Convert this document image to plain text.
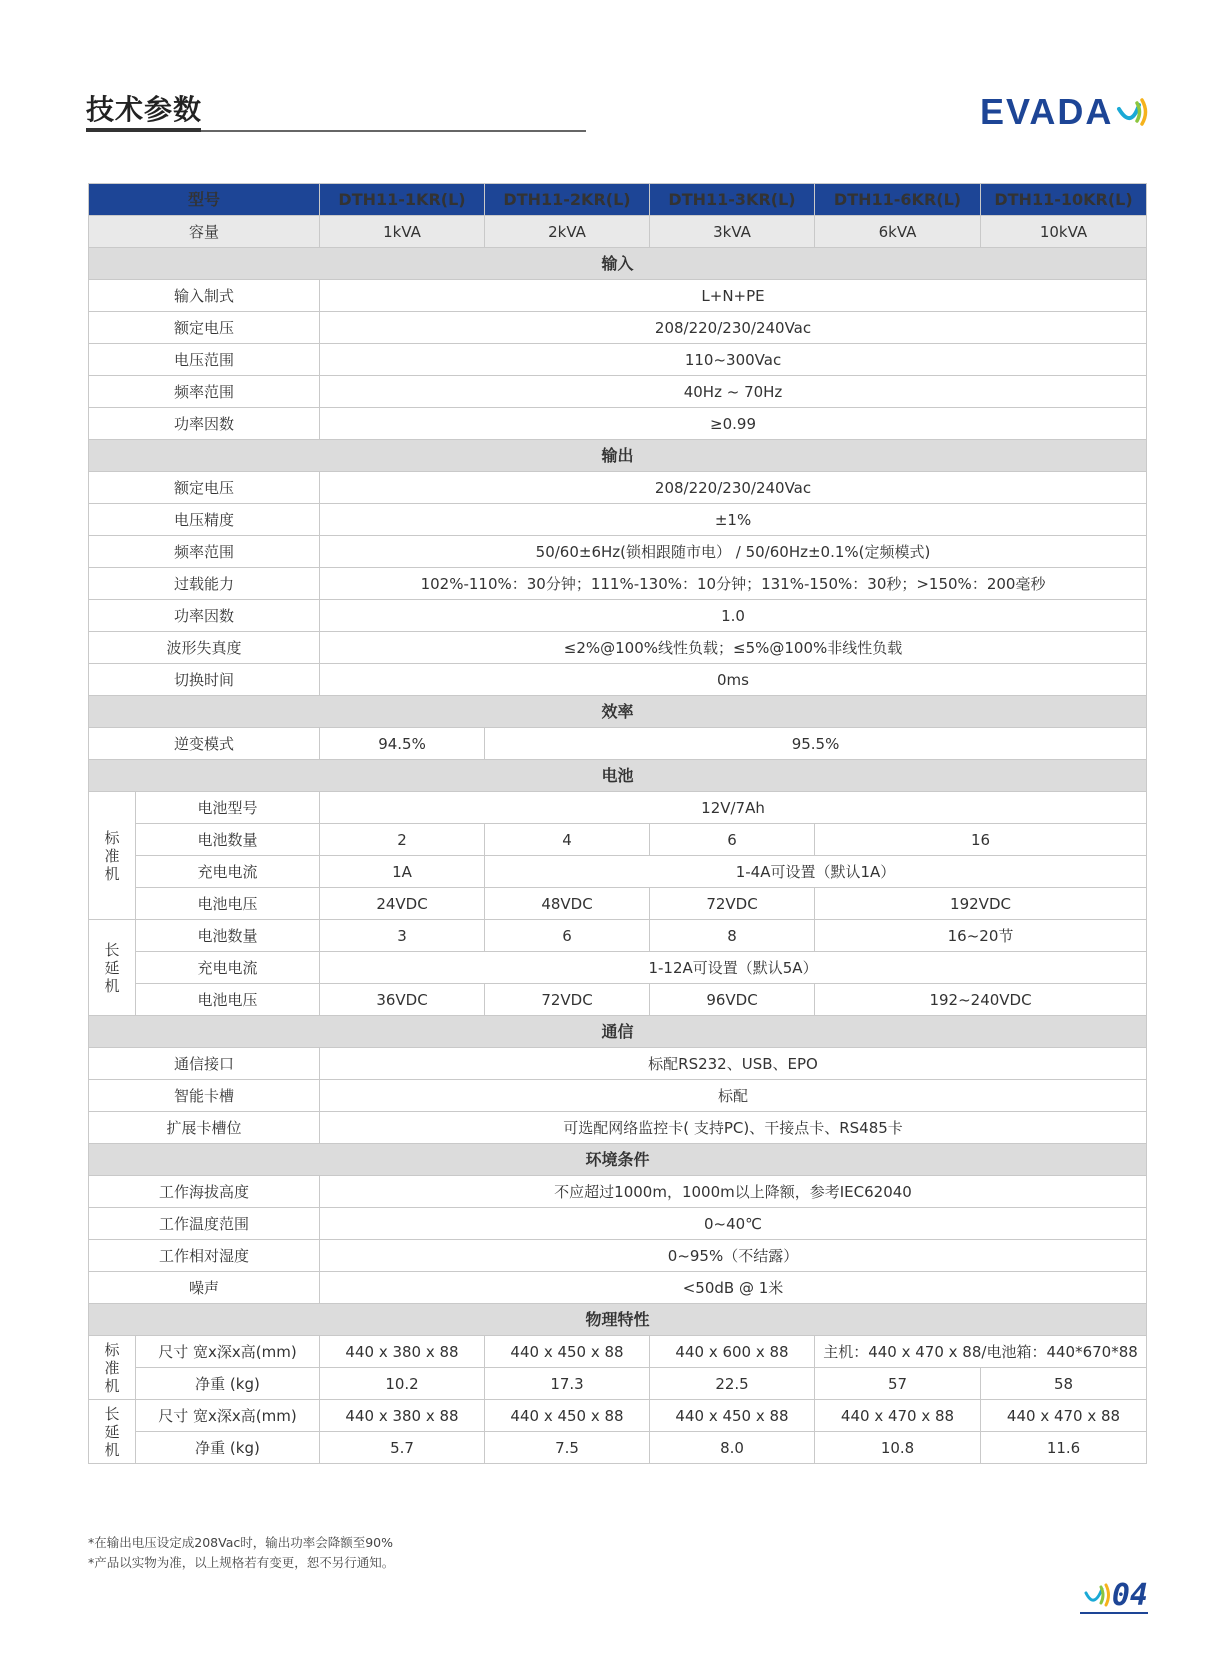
技术参数	EVADA
型号		DTH11-1KR(L)	DTH11-2KR(L)	DTH11-3KR(L)	DTH11-6KR(L)	DTH11-10KR(L)
容量		1kVA	2kVA	3kVA	6kVA	10kVA
输入						
输入制式		L+N+PE				
额定电压		208/220/230/240Vac				
电压范围		110~300Vac				
频率范围		40Hz ~ 70Hz				
功率因数		≥0.99				
输出						
额定电压		208/220/230/240Vac				
电压精度		±1%				
频率范围		50/60±6Hz(锁相跟随市电） / 50/60Hz±0.1%(定频模式)				
过载能力		102%-110%：30分钟；111%-130%：10分钟；131%-150%：30秒；>150%：200毫秒				
功率因数		1.0				
波形失真度		≤2%@100%线性负载；≤5%@100%非线性负载				
切换时间		0ms				
效率						
逆变模式		94.5%	95.5%			
电池						
标准机	电池型号	12V/7Ah				
	电池数量	2	4	6	16	
	充电电流	1A	1-4A可设置（默认1A）			
	电池电压	24VDC	48VDC	72VDC	192VDC	
长延机	电池数量	3	6	8	16~20节	
	充电电流	1-12A可设置（默认5A）				
	电池电压	36VDC	72VDC	96VDC	192~240VDC	
通信						
通信接口		标配RS232、USB、EPO				
智能卡槽		标配				
扩展卡槽位		可选配网络监控卡( 支持PC)、干接点卡、RS485卡				
环境条件						
工作海拔高度		不应超过1000m，1000m以上降额，参考IEC62040				
工作温度范围		0~40℃				
工作相对湿度		0~95%（不结露）				
噪声		<50dB @ 1米				
物理特性						
标准机	尺寸 宽x深x高(mm)	440 x 380 x 88	440 x 450 x 88	440 x 600 x 88	主机：440 x 470 x 88/电池箱：440*670*88	
	净重 (kg)	10.2	17.3	22.5	57	58
长延机	尺寸 宽x深x高(mm)	440 x 380 x 88	440 x 450 x 88	440 x 450 x 88	440 x 470 x 88	440 x 470 x 88
	净重 (kg)	5.7	7.5	8.0	10.8	11.6
*在输出电压设定成208Vac时，输出功率会降额至90%
*产品以实物为准，以上规格若有变更，恕不另行通知。
04
